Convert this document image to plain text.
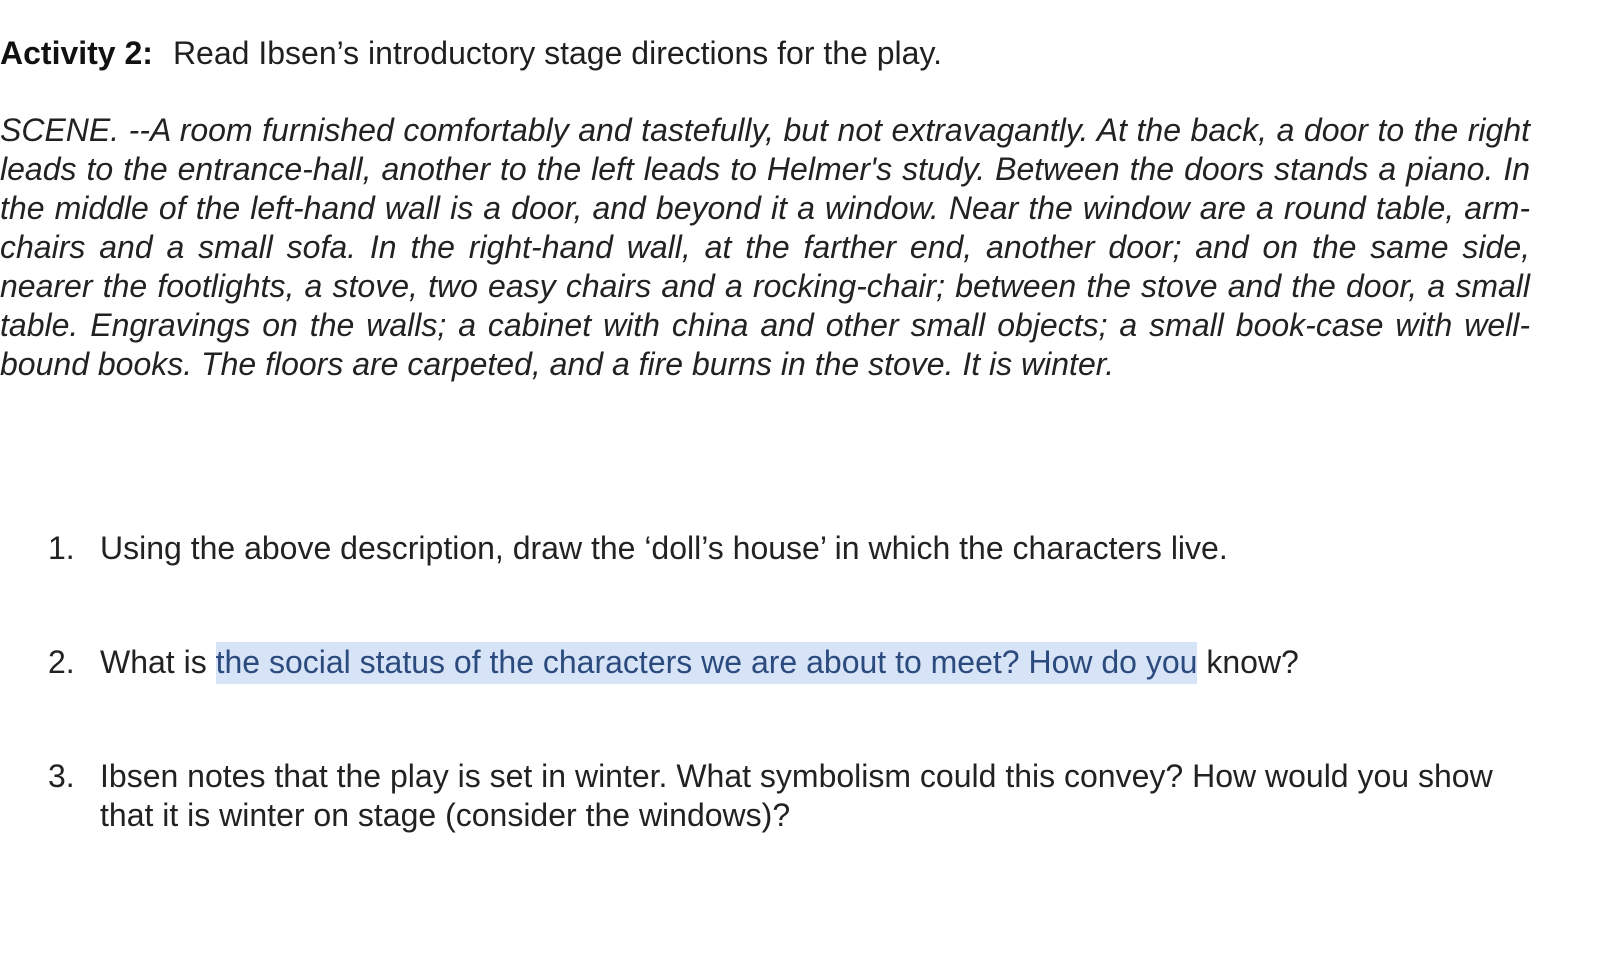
Activity 2: Read Ibsen’s introductory stage directions for the play.
SCENE. --A room furnished comfortably and tastefully, but not extravagantly. At the back, a door to the right leads to the entrance-hall, another to the left leads to Helmer's study. Between the doors stands a piano. In the middle of the left-hand wall is a door, and beyond it a window. Near the window are a round table, arm-chairs and a small sofa. In the right-hand wall, at the farther end, another door; and on the same side, nearer the footlights, a stove, two easy chairs and a rocking-chair; between the stove and the door, a small table. Engravings on the walls; a cabinet with china and other small objects; a small book-case with well-bound books. The floors are carpeted, and a fire burns in the stove. It is winter.
1. Using the above description, draw the ‘doll’s house’ in which the characters live.
2. What is the social status of the characters we are about to meet? How do you know?
3. Ibsen notes that the play is set in winter. What symbolism could this convey? How would you show that it is winter on stage (consider the windows)?
